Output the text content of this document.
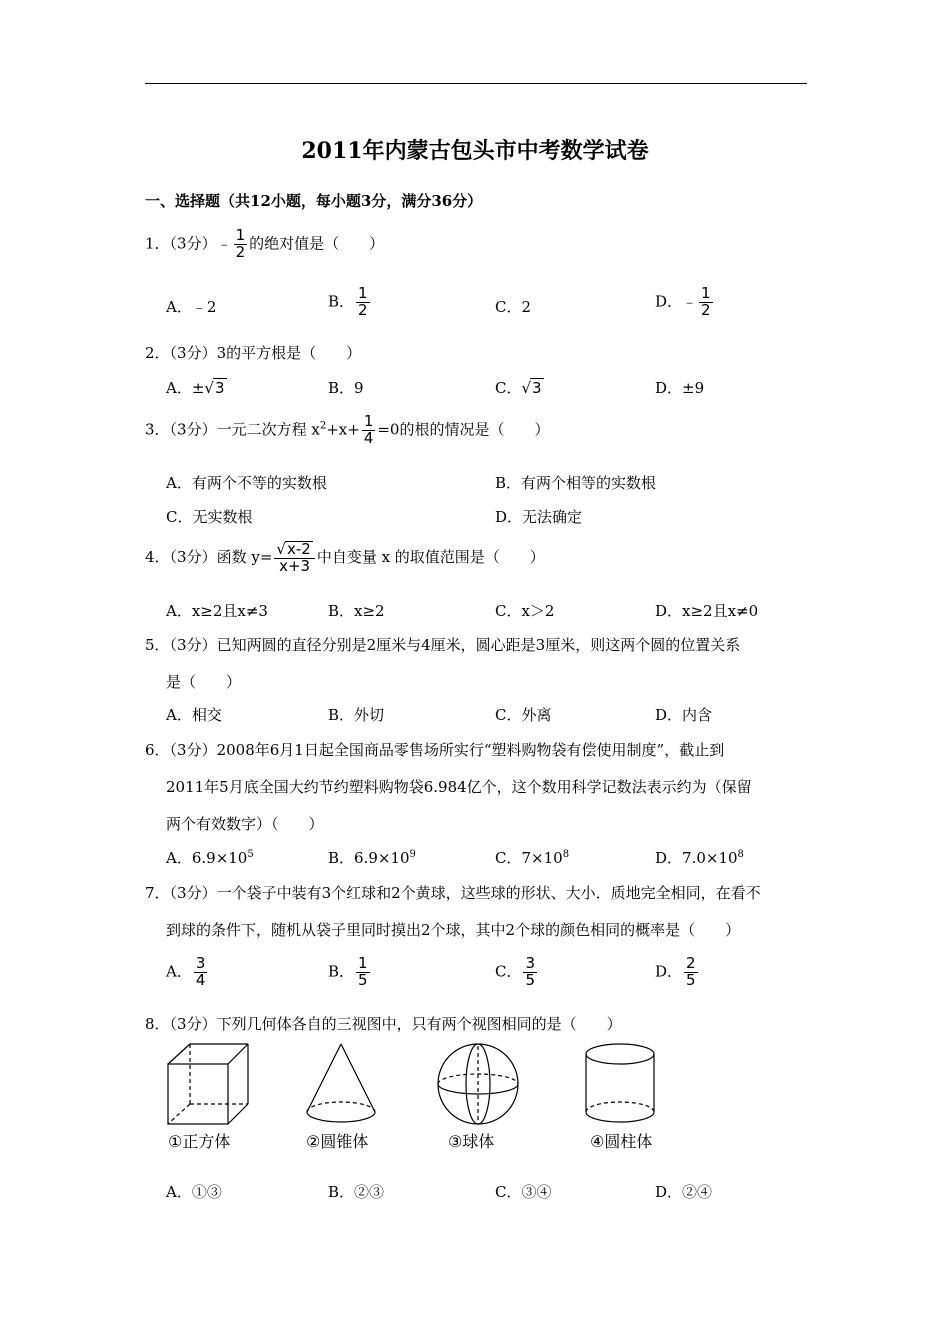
2011年内蒙古包头市中考数学试卷
一、选择题（共12小题，每小题3分，满分36分）
1．（3分）﹣ $\frac{1}{2}$ 的绝对值是（　　）
A．﹣2	B． $\frac{1}{2}$	C．2	D．﹣ $\frac{1}{2}$
2．（3分）3的平方根是（　　）
A．± √ 3	B．9	C． √ 3	D．±9
3．（3分）一元二次方程 $x^2+x+ \frac{1}{4} =0$的根的情况是（　　）
A．有两个不等的实数根	B．有两个相等的实数根
C．无实数根	D．无法确定
4．（3分）函数 $y= \frac{√ x-2}{x+3}$ 中自变量 x 的取值范围是（　　）
A．x≥2且x≠3	B．x≥2	C．x＞2	D．x≥2且x≠0
5．（3分）已知两圆的直径分别是2厘米与4厘米，圆心距是3厘米，则这两个圆的位置关系
是（　　）
A．相交	B．外切	C．外离	D．内含
6．（3分）2008年6月1日起全国商品零售场所实行“塑料购物袋有偿使用制度”，截止到
2011年5月底全国大约节约塑料购物袋6.984亿个，这个数用科学记数法表示约为（保留
两个有效数字）（　　）
A．$6.9\times 10^5$	B．$6.9\times 10^9$	C．$7\times 10^8$	D．$7.0\times 10^8$
7．（3分）一个袋子中装有3个红球和2个黄球，这些球的形状、大小．质地完全相同，在看不
到球的条件下，随机从袋子里同时摸出2个球，其中2个球的颜色相同的概率是（　　）
A． $\frac{3}{4}$	B． $\frac{1}{5}$	C． $\frac{3}{5}$	D． $\frac{2}{5}$
8．（3分）下列几何体各自的三视图中，只有两个视图相同的是（　　）
①正方体	②圆锥体	③球体	④圆柱体
A．①③	B．②③	C．③④	D．②④
